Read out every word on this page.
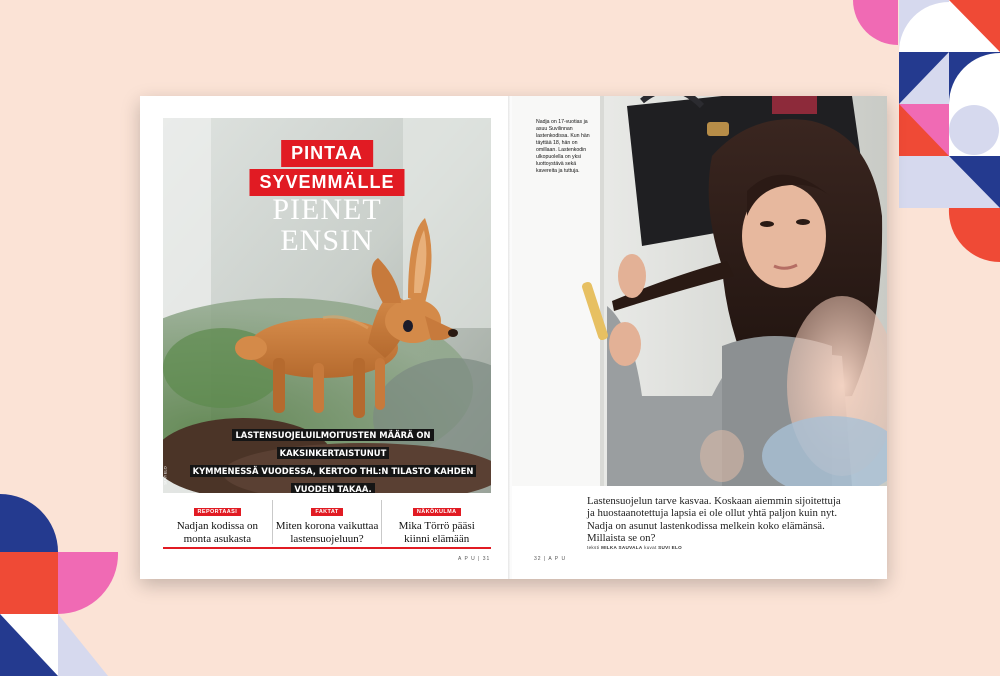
PINTAA
SYVEMMÄLLE
PIENET
ENSIN
LASTENSUOJELUILMOITUSTEN MÄÄRÄ ON KAKSINKERTAISTUNUT
KYMMENESSÄ VUODESSA, KERTOO THL:N TILASTO KAHDEN VUODEN TAKAA.

SUVI ELO
REPORTAASI
Nadjan kodissa on
monta asukasta
FAKTAT
Miten korona vaikuttaa
lastensuojeluun?
NÄKÖKULMA
Mika Törrö pääsi
kiinni elämään
A P U | 31
Nadja on 17-vuotias ja asuu Suvilinnan lastenkodissa. Kun hän täyttää 18, hän on omillaan. Lastenkodin ulkopuolella on yksi luottoystävä sekä kavereita ja tuttuja.
Lastensuojelun tarve kasvaa. Koskaan aiemmin sijoitettuja ja huostaanotettuja lapsia ei ole ollut yhtä paljon kuin nyt. Nadja on asunut lastenkodissa melkein koko elämänsä. Millaista se on?
teksti MILKA SAUVALA kuvat SUVI ELO
32 | A P U
